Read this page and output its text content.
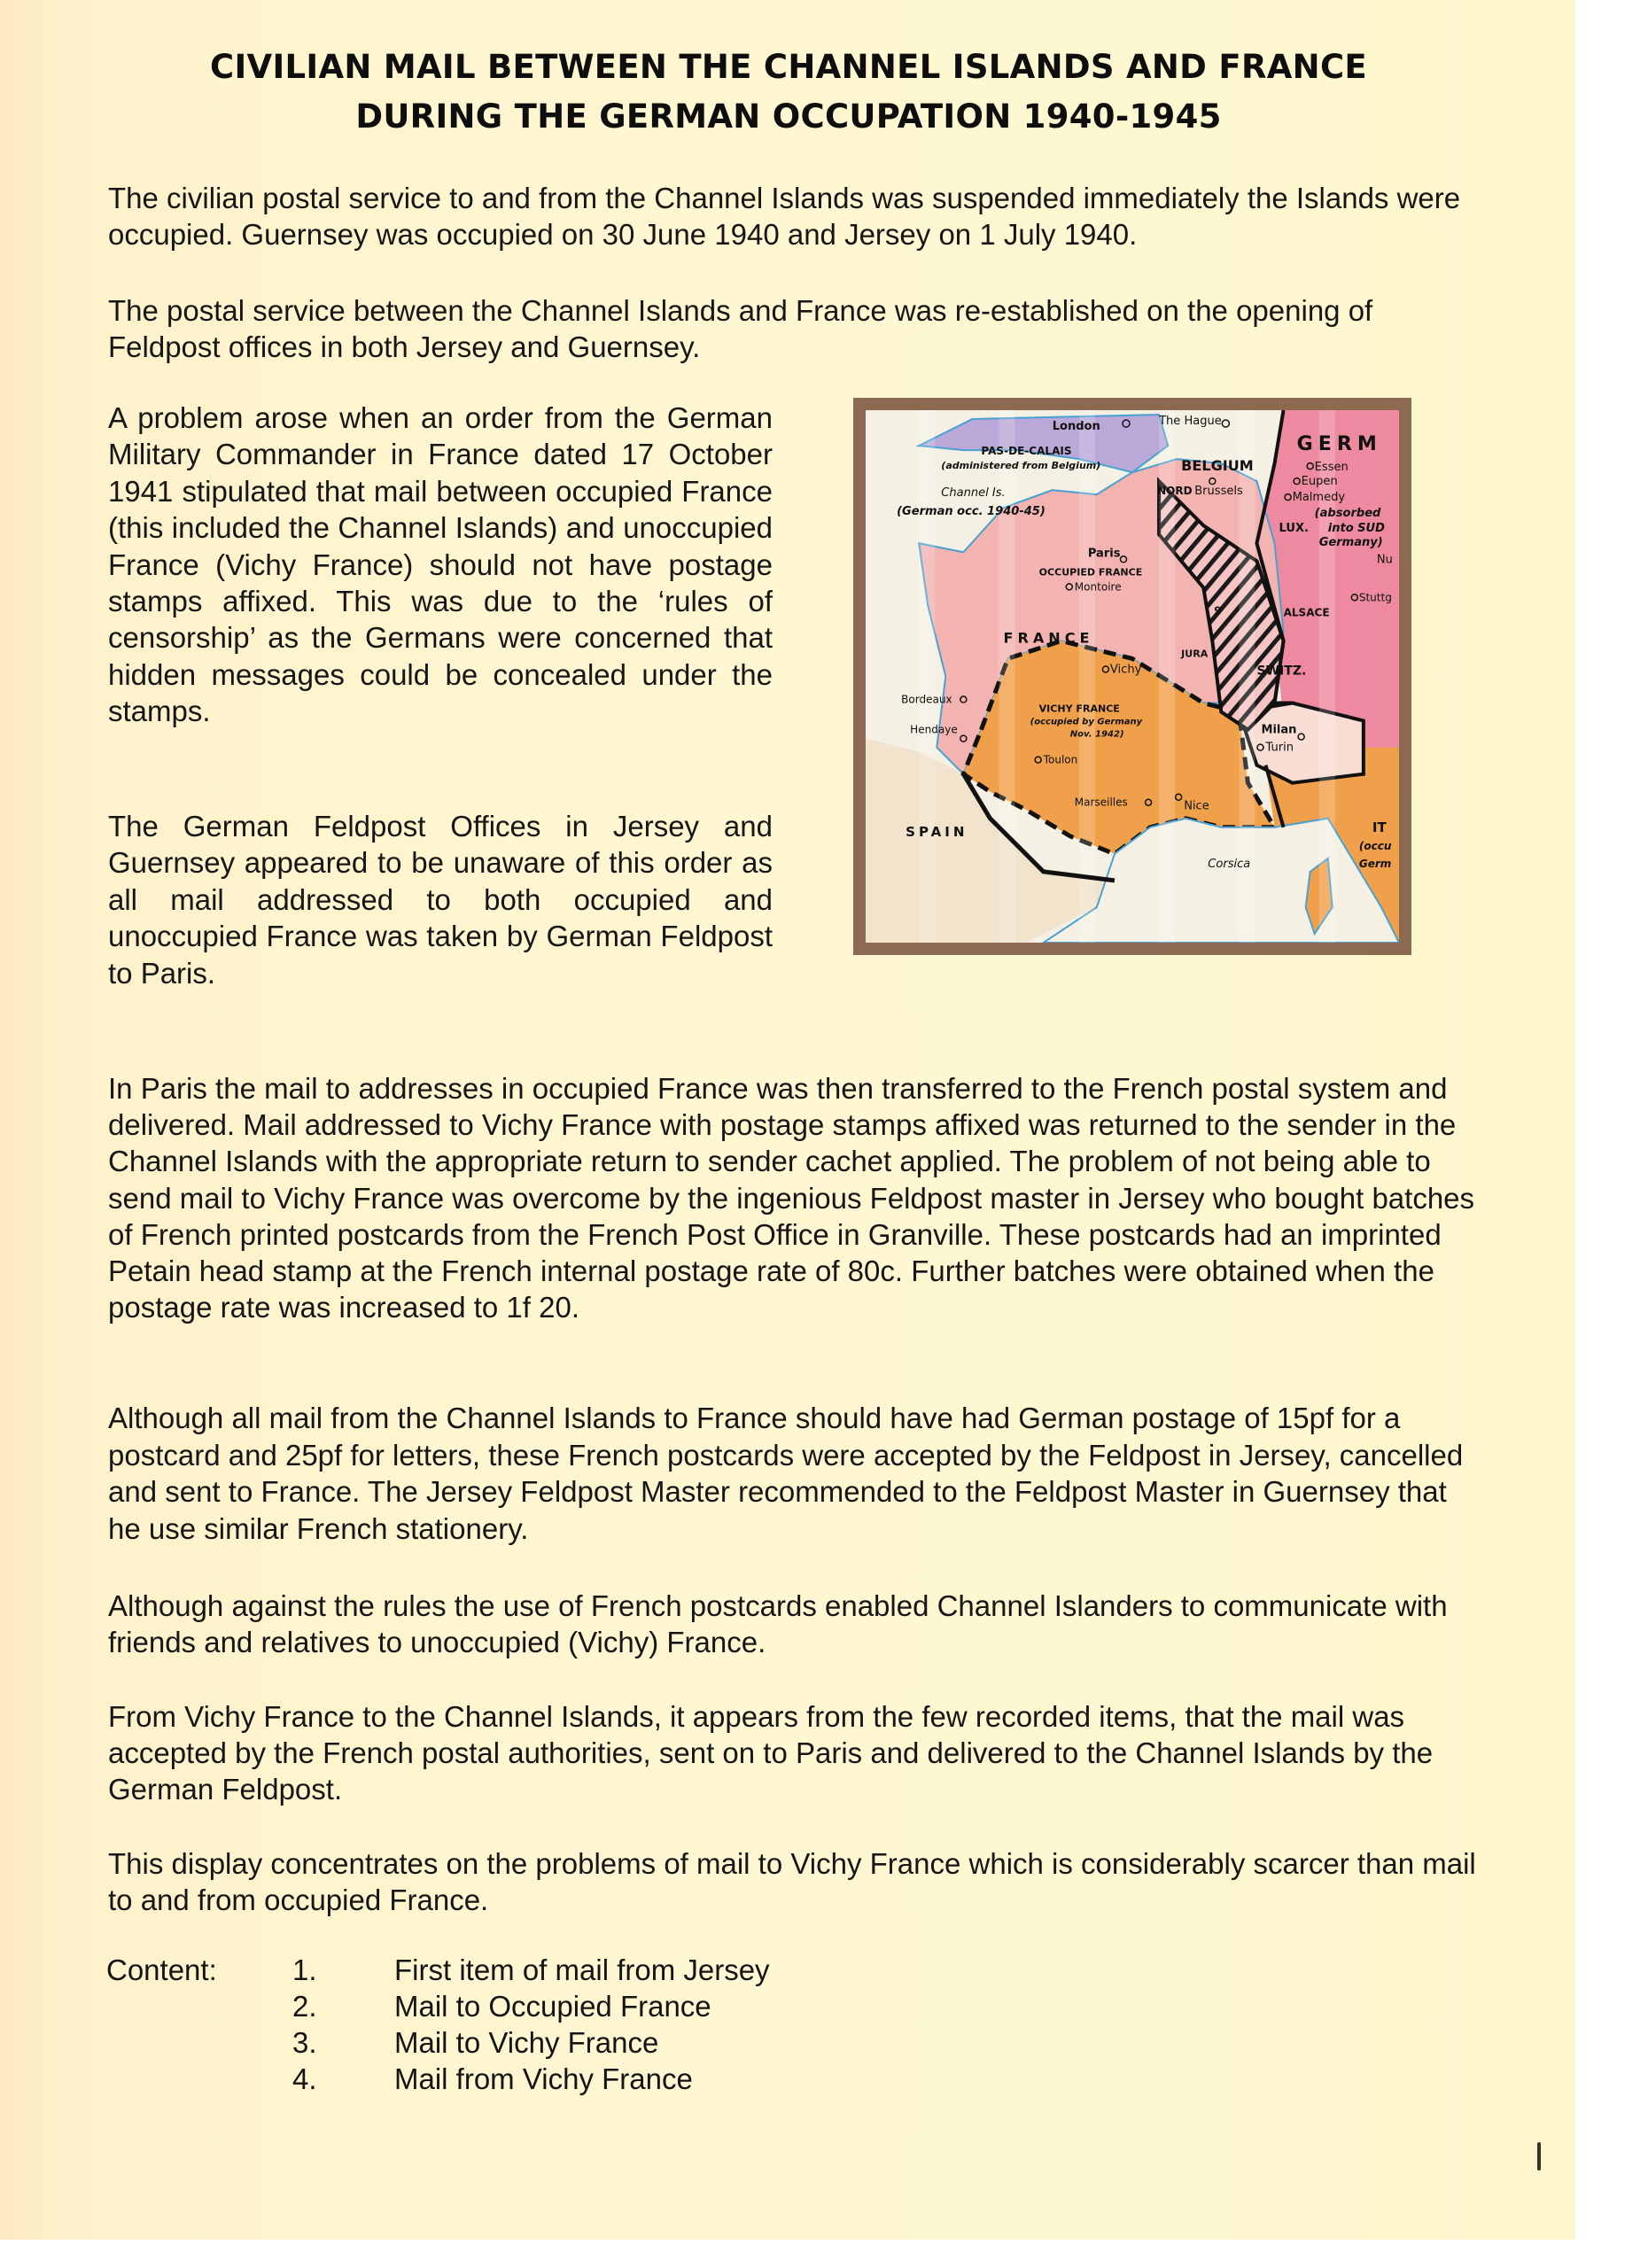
CIVILIAN MAIL BETWEEN THE CHANNEL ISLANDS AND FRANCE
DURING THE GERMAN OCCUPATION 1940-1945
The civilian postal service to and from the Channel Islands was suspended immediately the Islands were occupied. Guernsey was occupied on 30 June 1940 and Jersey on 1 July 1940.
The postal service between the Channel Islands and France was re-established on the opening of Feldpost offices in both Jersey and Guernsey.
A problem arose when an order from the German Military Commander in France dated 17 October 1941 stipulated that mail between occupied France (this included the Channel Islands) and unoccupied France (Vichy France) should not have postage stamps affixed. This was due to the ‘rules of censorship’ as the Germans were concerned that hidden messages could be concealed under the stamps.
The German Feldpost Offices in Jersey and Guernsey appeared to be unaware of this order as all mail addressed to both occupied and unoccupied France was taken by German Feldpost to Paris.
London	The Hague
GERM
PAS-DE-CALAIS
(administered from Belgium)	BELGIUM	Essen
Eupen
Channel Is.	NORD Brussels	Malmedy
(German occ. 1940-45)	(absorbed
LUX. into SUD
Germany)
Paris	Nu
OCCUPIED FRANCE
Montoire
Stuttg
ALSACE
9
FRANCE
JURA
Vichy	SWITZ.
Bordeaux
VICHY FRANCE
(occupied by Germany
Nov. 1942)
Hendaye	Milan
Turin
Toulon
Marseilles	Nice
SPAIN	IT
(occu
Corsica	Germ
In Paris the mail to addresses in occupied France was then transferred to the French postal system and delivered. Mail addressed to Vichy France with postage stamps affixed was returned to the sender in the Channel Islands with the appropriate return to sender cachet applied. The problem of not being able to send mail to Vichy France was overcome by the ingenious Feldpost master in Jersey who bought batches of French printed postcards from the French Post Office in Granville. These postcards had an imprinted Petain head stamp at the French internal postage rate of 80c. Further batches were obtained when the postage rate was increased to 1f 20.
Although all mail from the Channel Islands to France should have had German postage of 15pf for a postcard and 25pf for letters, these French postcards were accepted by the Feldpost in Jersey, cancelled and sent to France. The Jersey Feldpost Master recommended to the Feldpost Master in Guernsey that he use similar French stationery.
Although against the rules the use of French postcards enabled Channel Islanders to communicate with friends and relatives to unoccupied (Vichy) France.
From Vichy France to the Channel Islands, it appears from the few recorded items, that the mail was accepted by the French postal authorities, sent on to Paris and delivered to the Channel Islands by the German Feldpost.
This display concentrates on the problems of mail to Vichy France which is considerably scarcer than mail to and from occupied France.
Content:	1.	First item of mail from Jersey
2.	Mail to Occupied France
3.	Mail to Vichy France
4.	Mail from Vichy France
